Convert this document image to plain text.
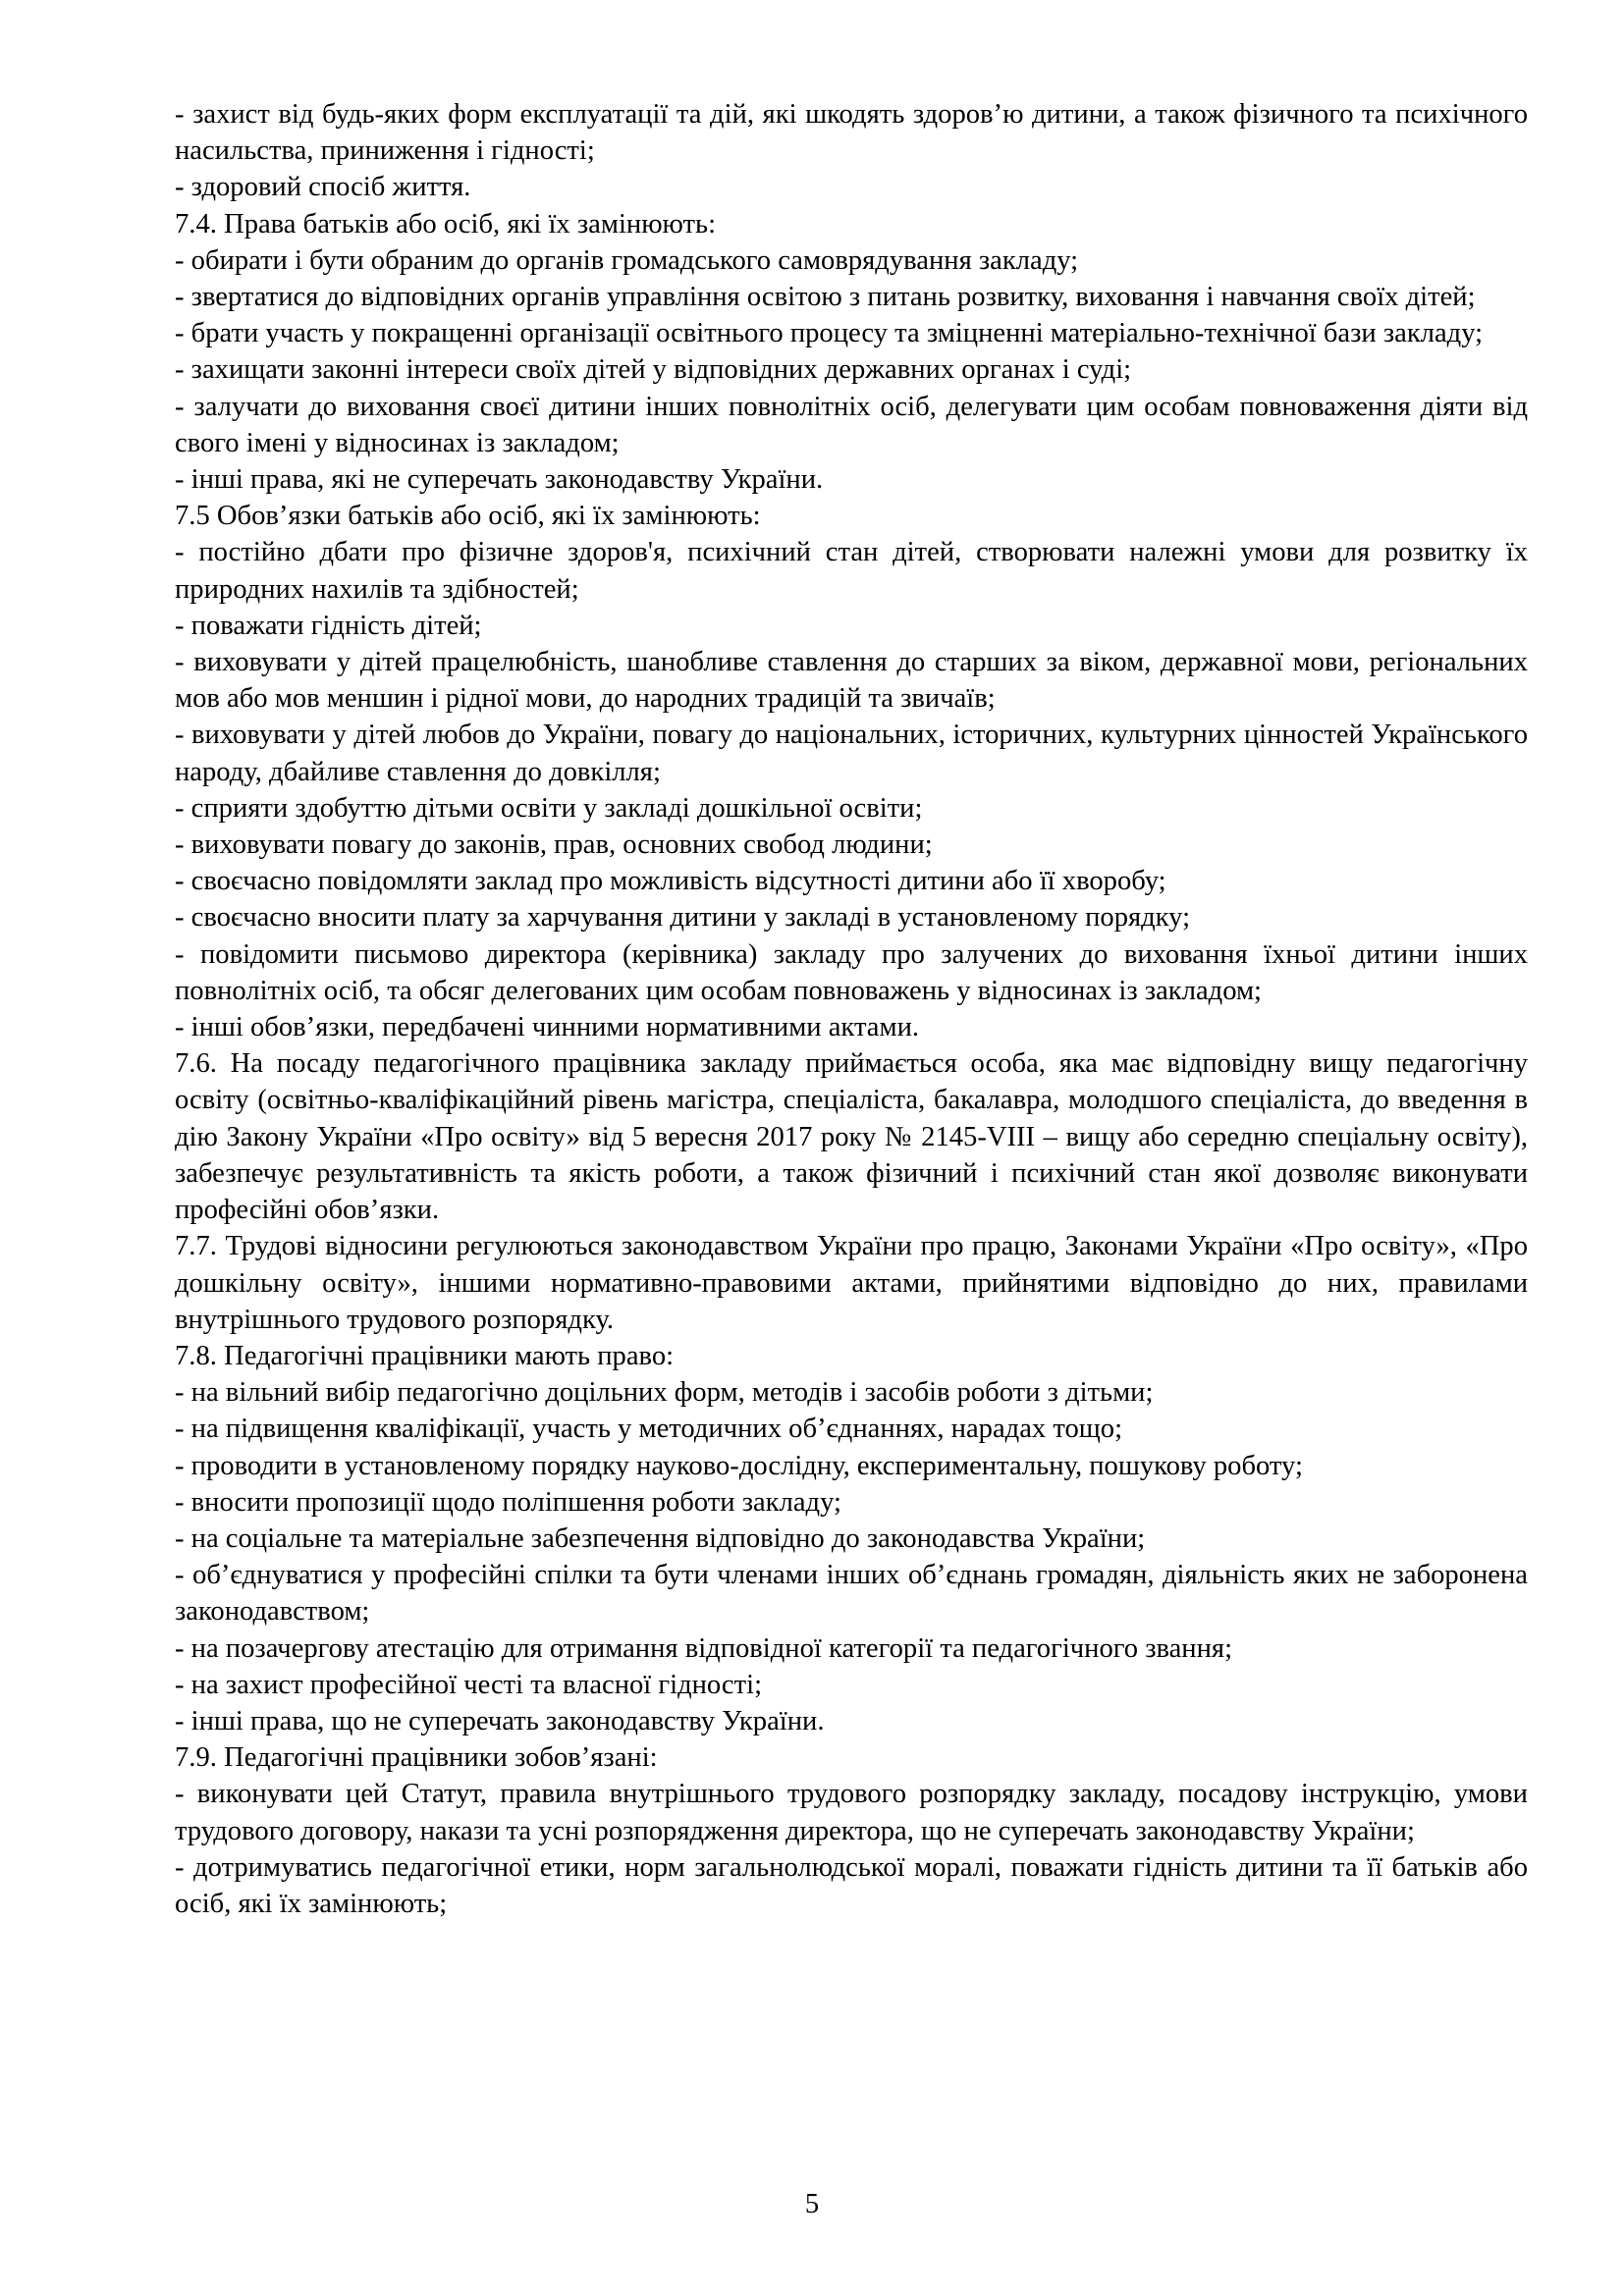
- захист від будь-яких форм експлуатації та дій, які шкодять здоров’ю дитини, а також фізичного та психічного насильства, приниження і гідності;

- здоровий спосіб життя.

7.4. Права батьків або осіб, які їх замінюють:

- обирати і бути обраним до органів громадського самоврядування закладу;

- звертатися до відповідних органів управління освітою з питань розвитку, виховання і навчання своїх дітей;

- брати участь у покращенні організації освітнього процесу та зміцненні матеріально-технічної бази закладу;

- захищати законні інтереси своїх дітей у відповідних державних органах і суді;

- залучати до виховання своєї дитини інших повнолітніх осіб, делегувати цим особам повноваження діяти від свого імені у відносинах із закладом;

- інші права, які не суперечать законодавству України.

7.5 Обов’язки батьків або осіб, які їх замінюють:

- постійно дбати про фізичне здоров'я, психічний стан дітей, створювати належні умови для розвитку їх природних нахилів та здібностей;

- поважати гідність дітей;

- виховувати у дітей працелюбність, шанобливе ставлення до старших за віком, державної мови, регіональних мов або мов меншин і рідної мови, до народних традицій та звичаїв;

- виховувати у дітей любов до України, повагу до національних, історичних, культурних цінностей Українського народу, дбайливе ставлення до довкілля;

- сприяти здобуттю дітьми освіти у закладі дошкільної освіти;

- виховувати повагу до законів, прав, основних свобод людини;

- своєчасно повідомляти заклад про можливість відсутності дитини або її хворобу;

- своєчасно вносити плату за харчування дитини у закладі в установленому порядку;

- повідомити письмово директора (керівника) закладу про залучених до виховання їхньої дитини інших повнолітніх осіб, та обсяг делегованих цим особам повноважень у відносинах із закладом;

- інші обов’язки, передбачені чинними нормативними актами.

7.6. На посаду педагогічного працівника закладу приймається особа, яка має відповідну вищу педагогічну освіту (освітньо-кваліфікаційний рівень магістра, спеціаліста, бакалавра, молодшого спеціаліста, до введення в дію Закону України «Про освіту» від 5 вересня 2017 року № 2145-VIII – вищу або середню спеціальну освіту), забезпечує результативність та якість роботи, а також фізичний і психічний стан якої дозволяє виконувати професійні обов’язки.

7.7. Трудові відносини регулюються законодавством України про працю, Законами України «Про освіту», «Про дошкільну освіту», іншими нормативно-правовими актами, прийнятими відповідно до них, правилами внутрішнього трудового розпорядку.

7.8. Педагогічні працівники мають право:

- на вільний вибір педагогічно доцільних форм, методів і засобів роботи з дітьми;

- на підвищення кваліфікації, участь у методичних об’єднаннях, нарадах тощо;

- проводити в установленому порядку науково-дослідну, експериментальну, пошукову роботу;

- вносити пропозиції щодо поліпшення роботи закладу;

- на соціальне та матеріальне забезпечення відповідно до законодавства України;

- об’єднуватися у професійні спілки та бути членами інших об’єднань громадян, діяльність яких не заборонена законодавством;

- на позачергову атестацію для отримання відповідної категорії та педагогічного звання;

- на захист професійної честі та власної гідності;

- інші права, що не суперечать законодавству України.

7.9. Педагогічні працівники зобов’язані:

- виконувати цей Статут, правила внутрішнього трудового розпорядку закладу, посадову інструкцію, умови трудового договору, накази та усні розпорядження директора, що не суперечать законодавству України;

- дотримуватись педагогічної етики, норм загальнолюдської моралі, поважати гідність дитини та її батьків або осіб, які їх замінюють;

5
